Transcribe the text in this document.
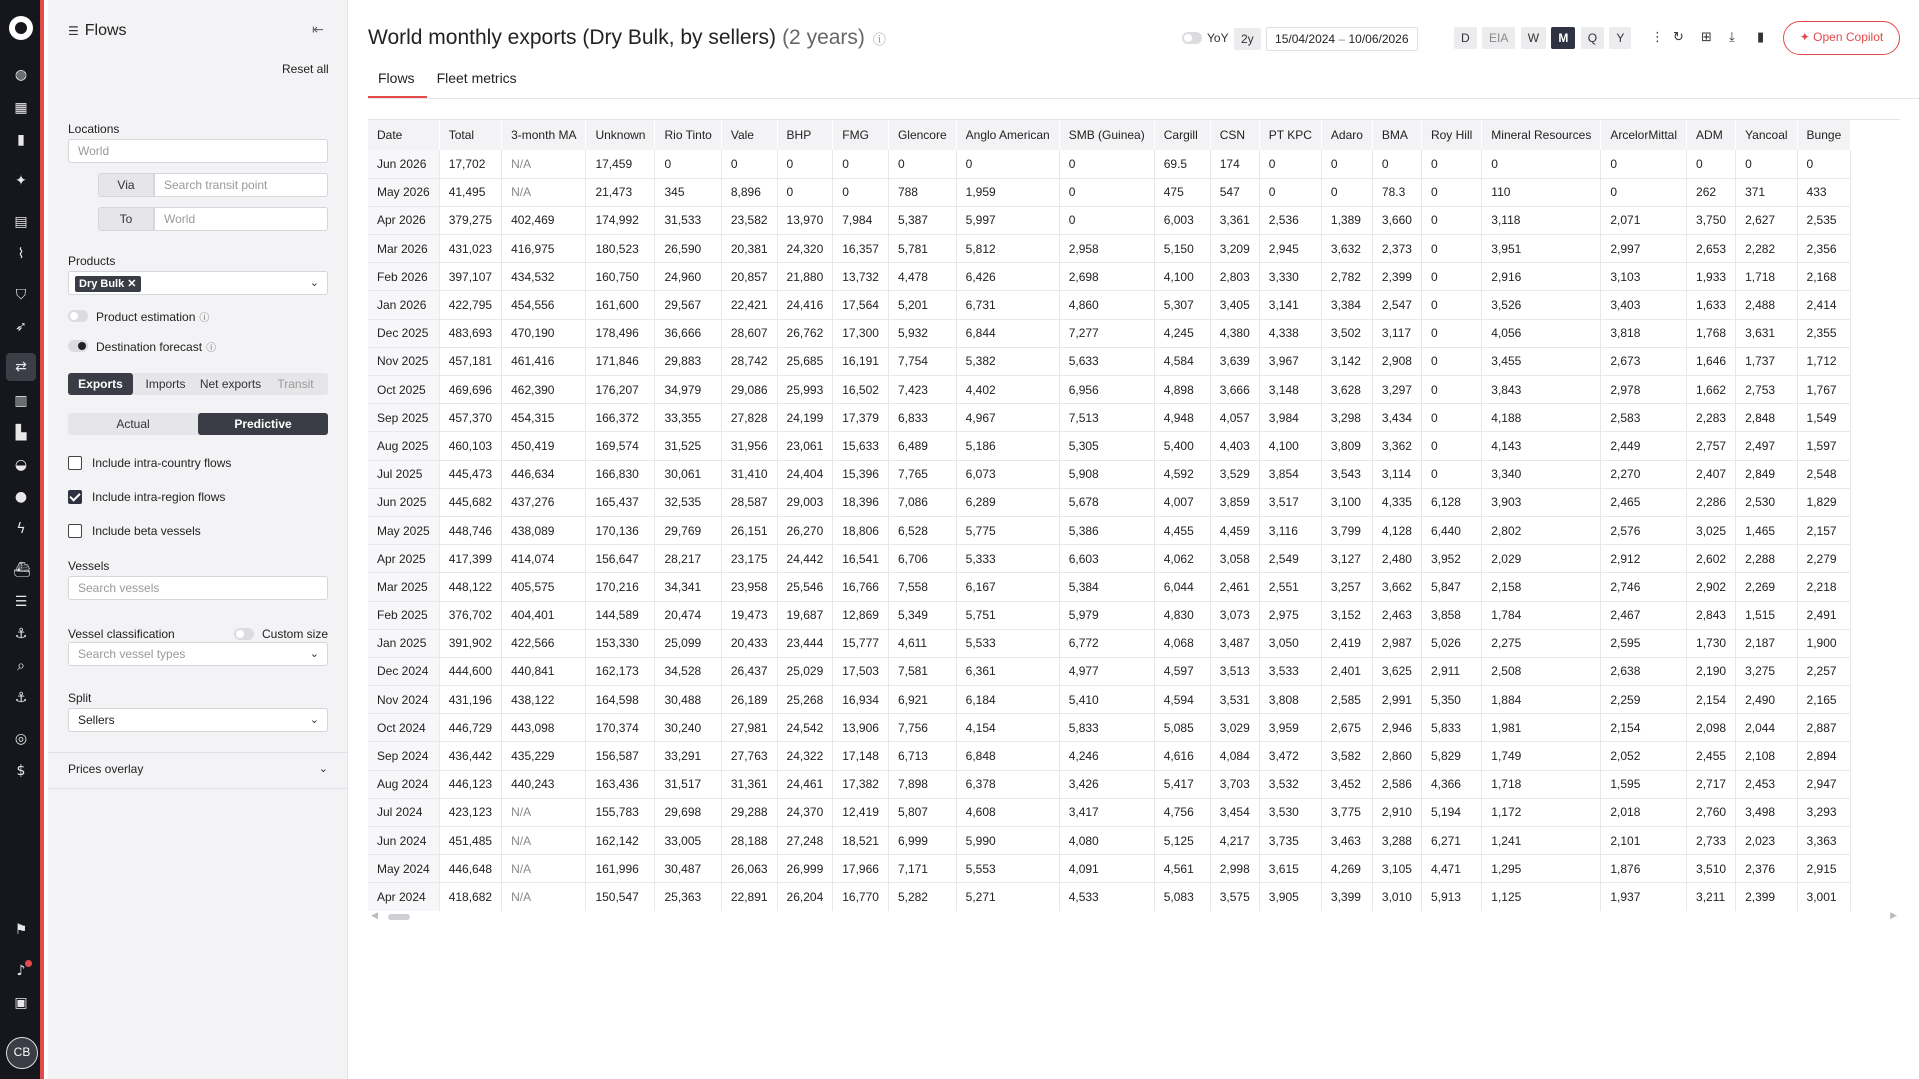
◍
▦
▮
✦
▤
⌇
⛉
➶
⇄
▥
▙
◒
●
ϟ
⛴
☰
⚓
⌕
⚓
◎
$
⚑
♪
▣
CB
☰ Flows	⇤
Reset all
Locations
World
Via	Search transit point
To	World
Products
Dry Bulk ✕	⌄
Product estimation ⓘ
Destination forecast ⓘ
Exports	Imports	Net exports	Transit
Actual	Predictive
Include intra-country flows
Include intra-region flows
Include beta vessels
Vessels
Search vessels
Vessel classification	Custom size
Search vessel types	⌄
Split
Sellers	⌄
Prices overlay	⌄
World monthly exports (Dry Bulk, by sellers) (2 years) ⓘ
Flows	Fleet metrics
YoY	2y 15/04/2024 – 10/06/2026	D EIA W M Q Y	⋮ ↻ ⊞ ⤓ ▮	✦ Open Copilot
Date	Total	3-month MA	Unknown	Rio Tinto	Vale	BHP	FMG	Glencore	Anglo American	SMB (Guinea)	Cargill	CSN	PT KPC	Adaro	BMA	Roy Hill	Mineral Resources	ArcelorMittal	ADM	Yancoal	Bunge
Jun 2026	17,702	N/A	17,459	0	0	0	0	0	0	0	69.5	174	0	0	0	0	0	0	0	0	0
May 2026	41,495	N/A	21,473	345	8,896	0	0	788	1,959	0	475	547	0	0	78.3	0	110	0	262	371	433
Apr 2026	379,275	402,469	174,992	31,533	23,582	13,970	7,984	5,387	5,997	0	6,003	3,361	2,536	1,389	3,660	0	3,118	2,071	3,750	2,627	2,535
Mar 2026	431,023	416,975	180,523	26,590	20,381	24,320	16,357	5,781	5,812	2,958	5,150	3,209	2,945	3,632	2,373	0	3,951	2,997	2,653	2,282	2,356
Feb 2026	397,107	434,532	160,750	24,960	20,857	21,880	13,732	4,478	6,426	2,698	4,100	2,803	3,330	2,782	2,399	0	2,916	3,103	1,933	1,718	2,168
Jan 2026	422,795	454,556	161,600	29,567	22,421	24,416	17,564	5,201	6,731	4,860	5,307	3,405	3,141	3,384	2,547	0	3,526	3,403	1,633	2,488	2,414
Dec 2025	483,693	470,190	178,496	36,666	28,607	26,762	17,300	5,932	6,844	7,277	4,245	4,380	4,338	3,502	3,117	0	4,056	3,818	1,768	3,631	2,355
Nov 2025	457,181	461,416	171,846	29,883	28,742	25,685	16,191	7,754	5,382	5,633	4,584	3,639	3,967	3,142	2,908	0	3,455	2,673	1,646	1,737	1,712
Oct 2025	469,696	462,390	176,207	34,979	29,086	25,993	16,502	7,423	4,402	6,956	4,898	3,666	3,148	3,628	3,297	0	3,843	2,978	1,662	2,753	1,767
Sep 2025	457,370	454,315	166,372	33,355	27,828	24,199	17,379	6,833	4,967	7,513	4,948	4,057	3,984	3,298	3,434	0	4,188	2,583	2,283	2,848	1,549
Aug 2025	460,103	450,419	169,574	31,525	31,956	23,061	15,633	6,489	5,186	5,305	5,400	4,403	4,100	3,809	3,362	0	4,143	2,449	2,757	2,497	1,597
Jul 2025	445,473	446,634	166,830	30,061	31,410	24,404	15,396	7,765	6,073	5,908	4,592	3,529	3,854	3,543	3,114	0	3,340	2,270	2,407	2,849	2,548
Jun 2025	445,682	437,276	165,437	32,535	28,587	29,003	18,396	7,086	6,289	5,678	4,007	3,859	3,517	3,100	4,335	6,128	3,903	2,465	2,286	2,530	1,829
May 2025	448,746	438,089	170,136	29,769	26,151	26,270	18,806	6,528	5,775	5,386	4,455	4,459	3,116	3,799	4,128	6,440	2,802	2,576	3,025	1,465	2,157
Apr 2025	417,399	414,074	156,647	28,217	23,175	24,442	16,541	6,706	5,333	6,603	4,062	3,058	2,549	3,127	2,480	3,952	2,029	2,912	2,602	2,288	2,279
Mar 2025	448,122	405,575	170,216	34,341	23,958	25,546	16,766	7,558	6,167	5,384	6,044	2,461	2,551	3,257	3,662	5,847	2,158	2,746	2,902	2,269	2,218
Feb 2025	376,702	404,401	144,589	20,474	19,473	19,687	12,869	5,349	5,751	5,979	4,830	3,073	2,975	3,152	2,463	3,858	1,784	2,467	2,843	1,515	2,491
Jan 2025	391,902	422,566	153,330	25,099	20,433	23,444	15,777	4,611	5,533	6,772	4,068	3,487	3,050	2,419	2,987	5,026	2,275	2,595	1,730	2,187	1,900
Dec 2024	444,600	440,841	162,173	34,528	26,437	25,029	17,503	7,581	6,361	4,977	4,597	3,513	3,533	2,401	3,625	2,911	2,508	2,638	2,190	3,275	2,257
Nov 2024	431,196	438,122	164,598	30,488	26,189	25,268	16,934	6,921	6,184	5,410	4,594	3,531	3,808	2,585	2,991	5,350	1,884	2,259	2,154	2,490	2,165
Oct 2024	446,729	443,098	170,374	30,240	27,981	24,542	13,906	7,756	4,154	5,833	5,085	3,029	3,959	2,675	2,946	5,833	1,981	2,154	2,098	2,044	2,887
Sep 2024	436,442	435,229	156,587	33,291	27,763	24,322	17,148	6,713	6,848	4,246	4,616	4,084	3,472	3,582	2,860	5,829	1,749	2,052	2,455	2,108	2,894
Aug 2024	446,123	440,243	163,436	31,517	31,361	24,461	17,382	7,898	6,378	3,426	5,417	3,703	3,532	3,452	2,586	4,366	1,718	1,595	2,717	2,453	2,947
Jul 2024	423,123	N/A	155,783	29,698	29,288	24,370	12,419	5,807	4,608	3,417	4,756	3,454	3,530	3,775	2,910	5,194	1,172	2,018	2,760	3,498	3,293
Jun 2024	451,485	N/A	162,142	33,005	28,188	27,248	18,521	6,999	5,990	4,080	5,125	4,217	3,735	3,463	3,288	6,271	1,241	2,101	2,733	2,023	3,363
May 2024	446,648	N/A	161,996	30,487	26,063	26,999	17,966	7,171	5,553	4,091	4,561	2,998	3,615	4,269	3,105	4,471	1,295	1,876	3,510	2,376	2,915
Apr 2024	418,682	N/A	150,547	25,363	22,891	26,204	16,770	5,282	5,271	4,533	5,083	3,575	3,905	3,399	3,010	5,913	1,125	1,937	3,211	2,399	3,001
◀	▶
